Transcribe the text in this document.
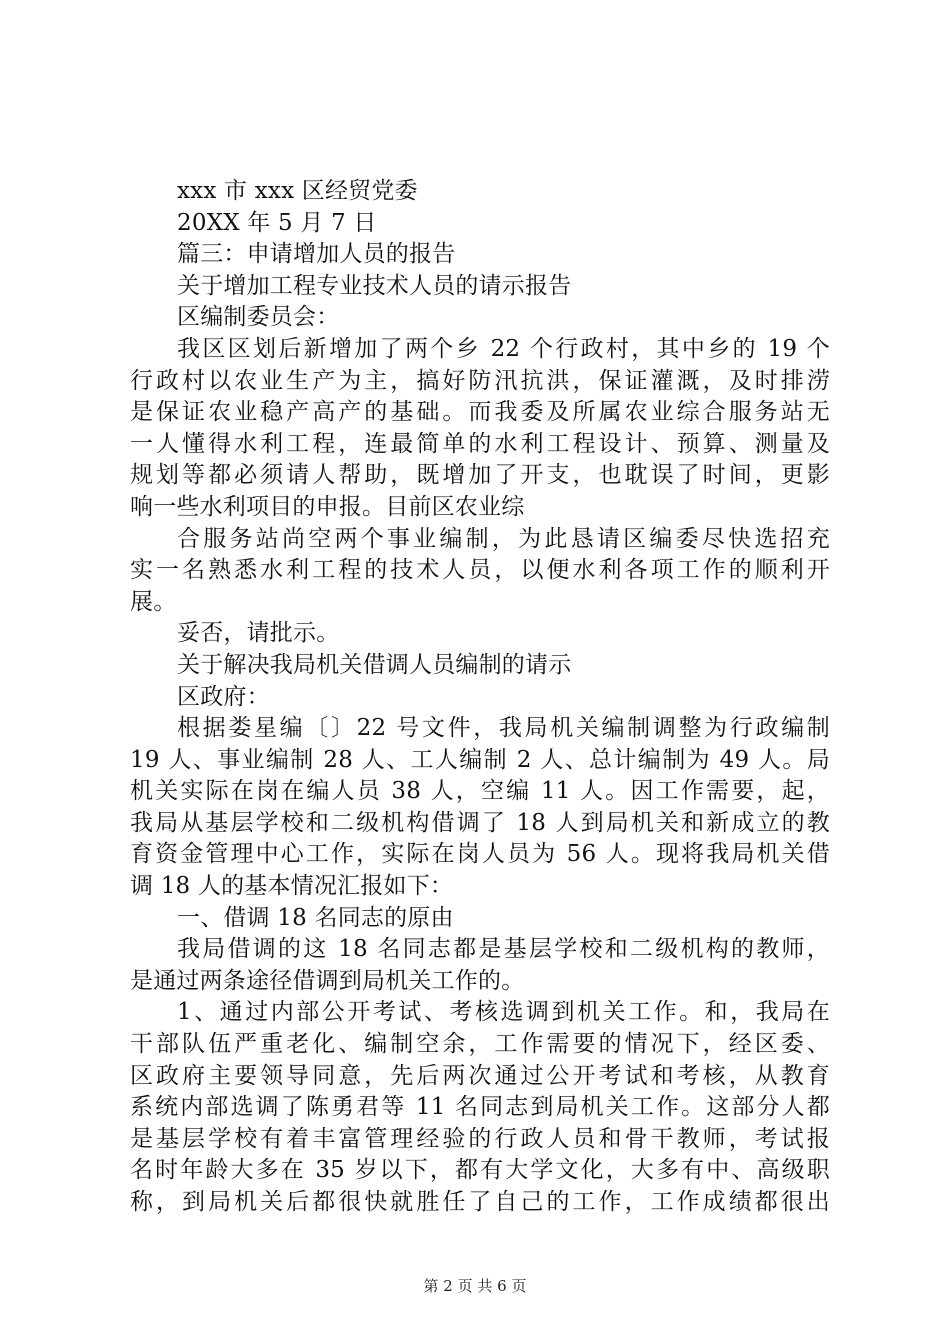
xxx 市 xxx 区经贸党委
20XX 年 5 月 7 日
篇三：申请增加人员的报告
关于增加工程专业技术人员的请示报告
区编制委员会：
我区区划后新增加了两个乡 22 个行政村，其中乡的 19 个
行政村以农业生产为主，搞好防汛抗洪，保证灌溉，及时排涝
是保证农业稳产高产的基础。而我委及所属农业综合服务站无
一人懂得水利工程，连最简单的水利工程设计、预算、测量及
规划等都必须请人帮助，既增加了开支，也耽误了时间，更影
响一些水利项目的申报。目前区农业综
合服务站尚空两个事业编制，为此恳请区编委尽快选招充
实一名熟悉水利工程的技术人员，以便水利各项工作的顺利开
展。
妥否，请批示。
关于解决我局机关借调人员编制的请示
区政府：
根据娄星编〔〕22 号文件，我局机关编制调整为行政编制
19 人、事业编制 28 人、工人编制 2 人、总计编制为 49 人。局
机关实际在岗在编人员 38 人，空编 11 人。因工作需要，起，
我局从基层学校和二级机构借调了 18 人到局机关和新成立的教
育资金管理中心工作，实际在岗人员为 56 人。现将我局机关借
调 18 人的基本情况汇报如下：
一、借调 18 名同志的原由
我局借调的这 18 名同志都是基层学校和二级机构的教师，
是通过两条途径借调到局机关工作的。
1、通过内部公开考试、考核选调到机关工作。和，我局在
干部队伍严重老化、编制空余，工作需要的情况下，经区委、
区政府主要领导同意，先后两次通过公开考试和考核，从教育
系统内部选调了陈勇君等 11 名同志到局机关工作。这部分人都
是基层学校有着丰富管理经验的行政人员和骨干教师，考试报
名时年龄大多在 35 岁以下，都有大学文化，大多有中、高级职
称，到局机关后都很快就胜任了自己的工作，工作成绩都很出
第 2 页 共 6 页
